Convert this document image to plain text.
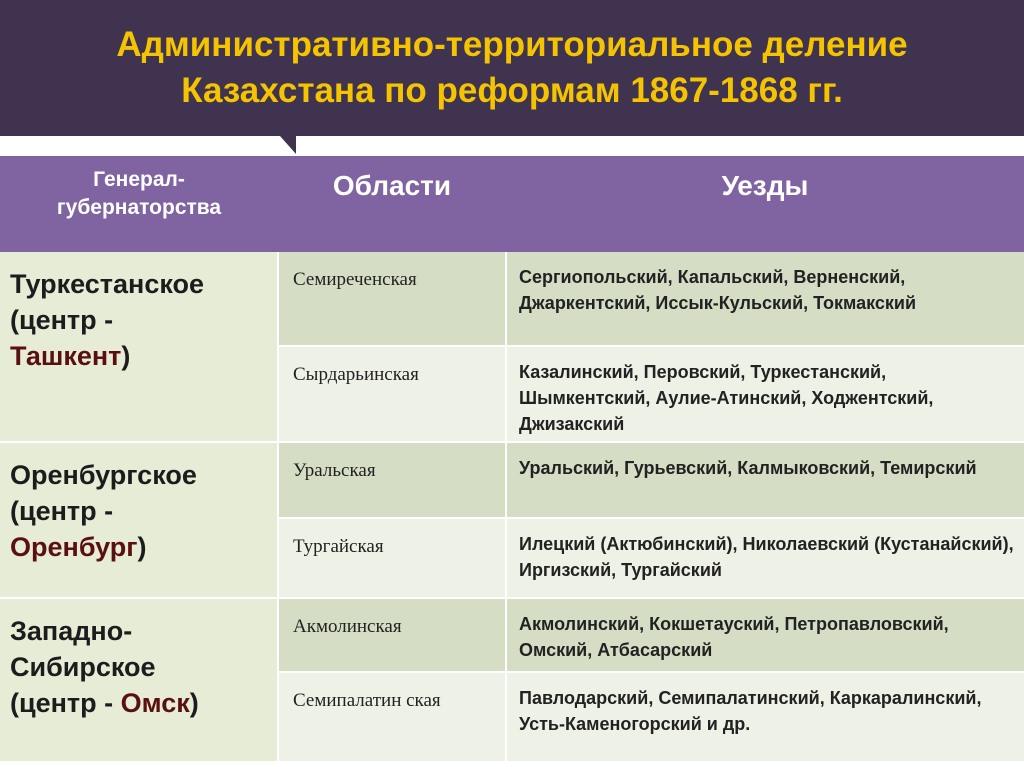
Административно-территориальное деление
Казахстана по реформам 1867-1868 гг.
Генерал-
губернаторства	Области	Уезды

Туркестанское
(центр -
Ташкент)	Семиреченская	Сергиопольский, Капальский, Верненский, Джаркентский, Иссык-Кульский, Токмакский
	Сырдарьинская	Казалинский, Перовский, Туркестанский, Шымкентский, Аулие-Атинский, Ходжентский, Джизакский

Оренбургское
(центр -
Оренбург)	Уральская	Уральский, Гурьевский, Калмыковский, Темирский
	Тургайская	Илецкий (Актюбинский), Николаевский (Кустанайский), Иргизский, Тургайский

Западно-Сибирское
(центр - Омск)	Акмолинская	Акмолинский, Кокшетауский, Петропавловский, Омский, Атбасарский
	Семипалатин ская	Павлодарский, Семипалатинский, Каркаралинский, Усть-Каменогорский и др.
